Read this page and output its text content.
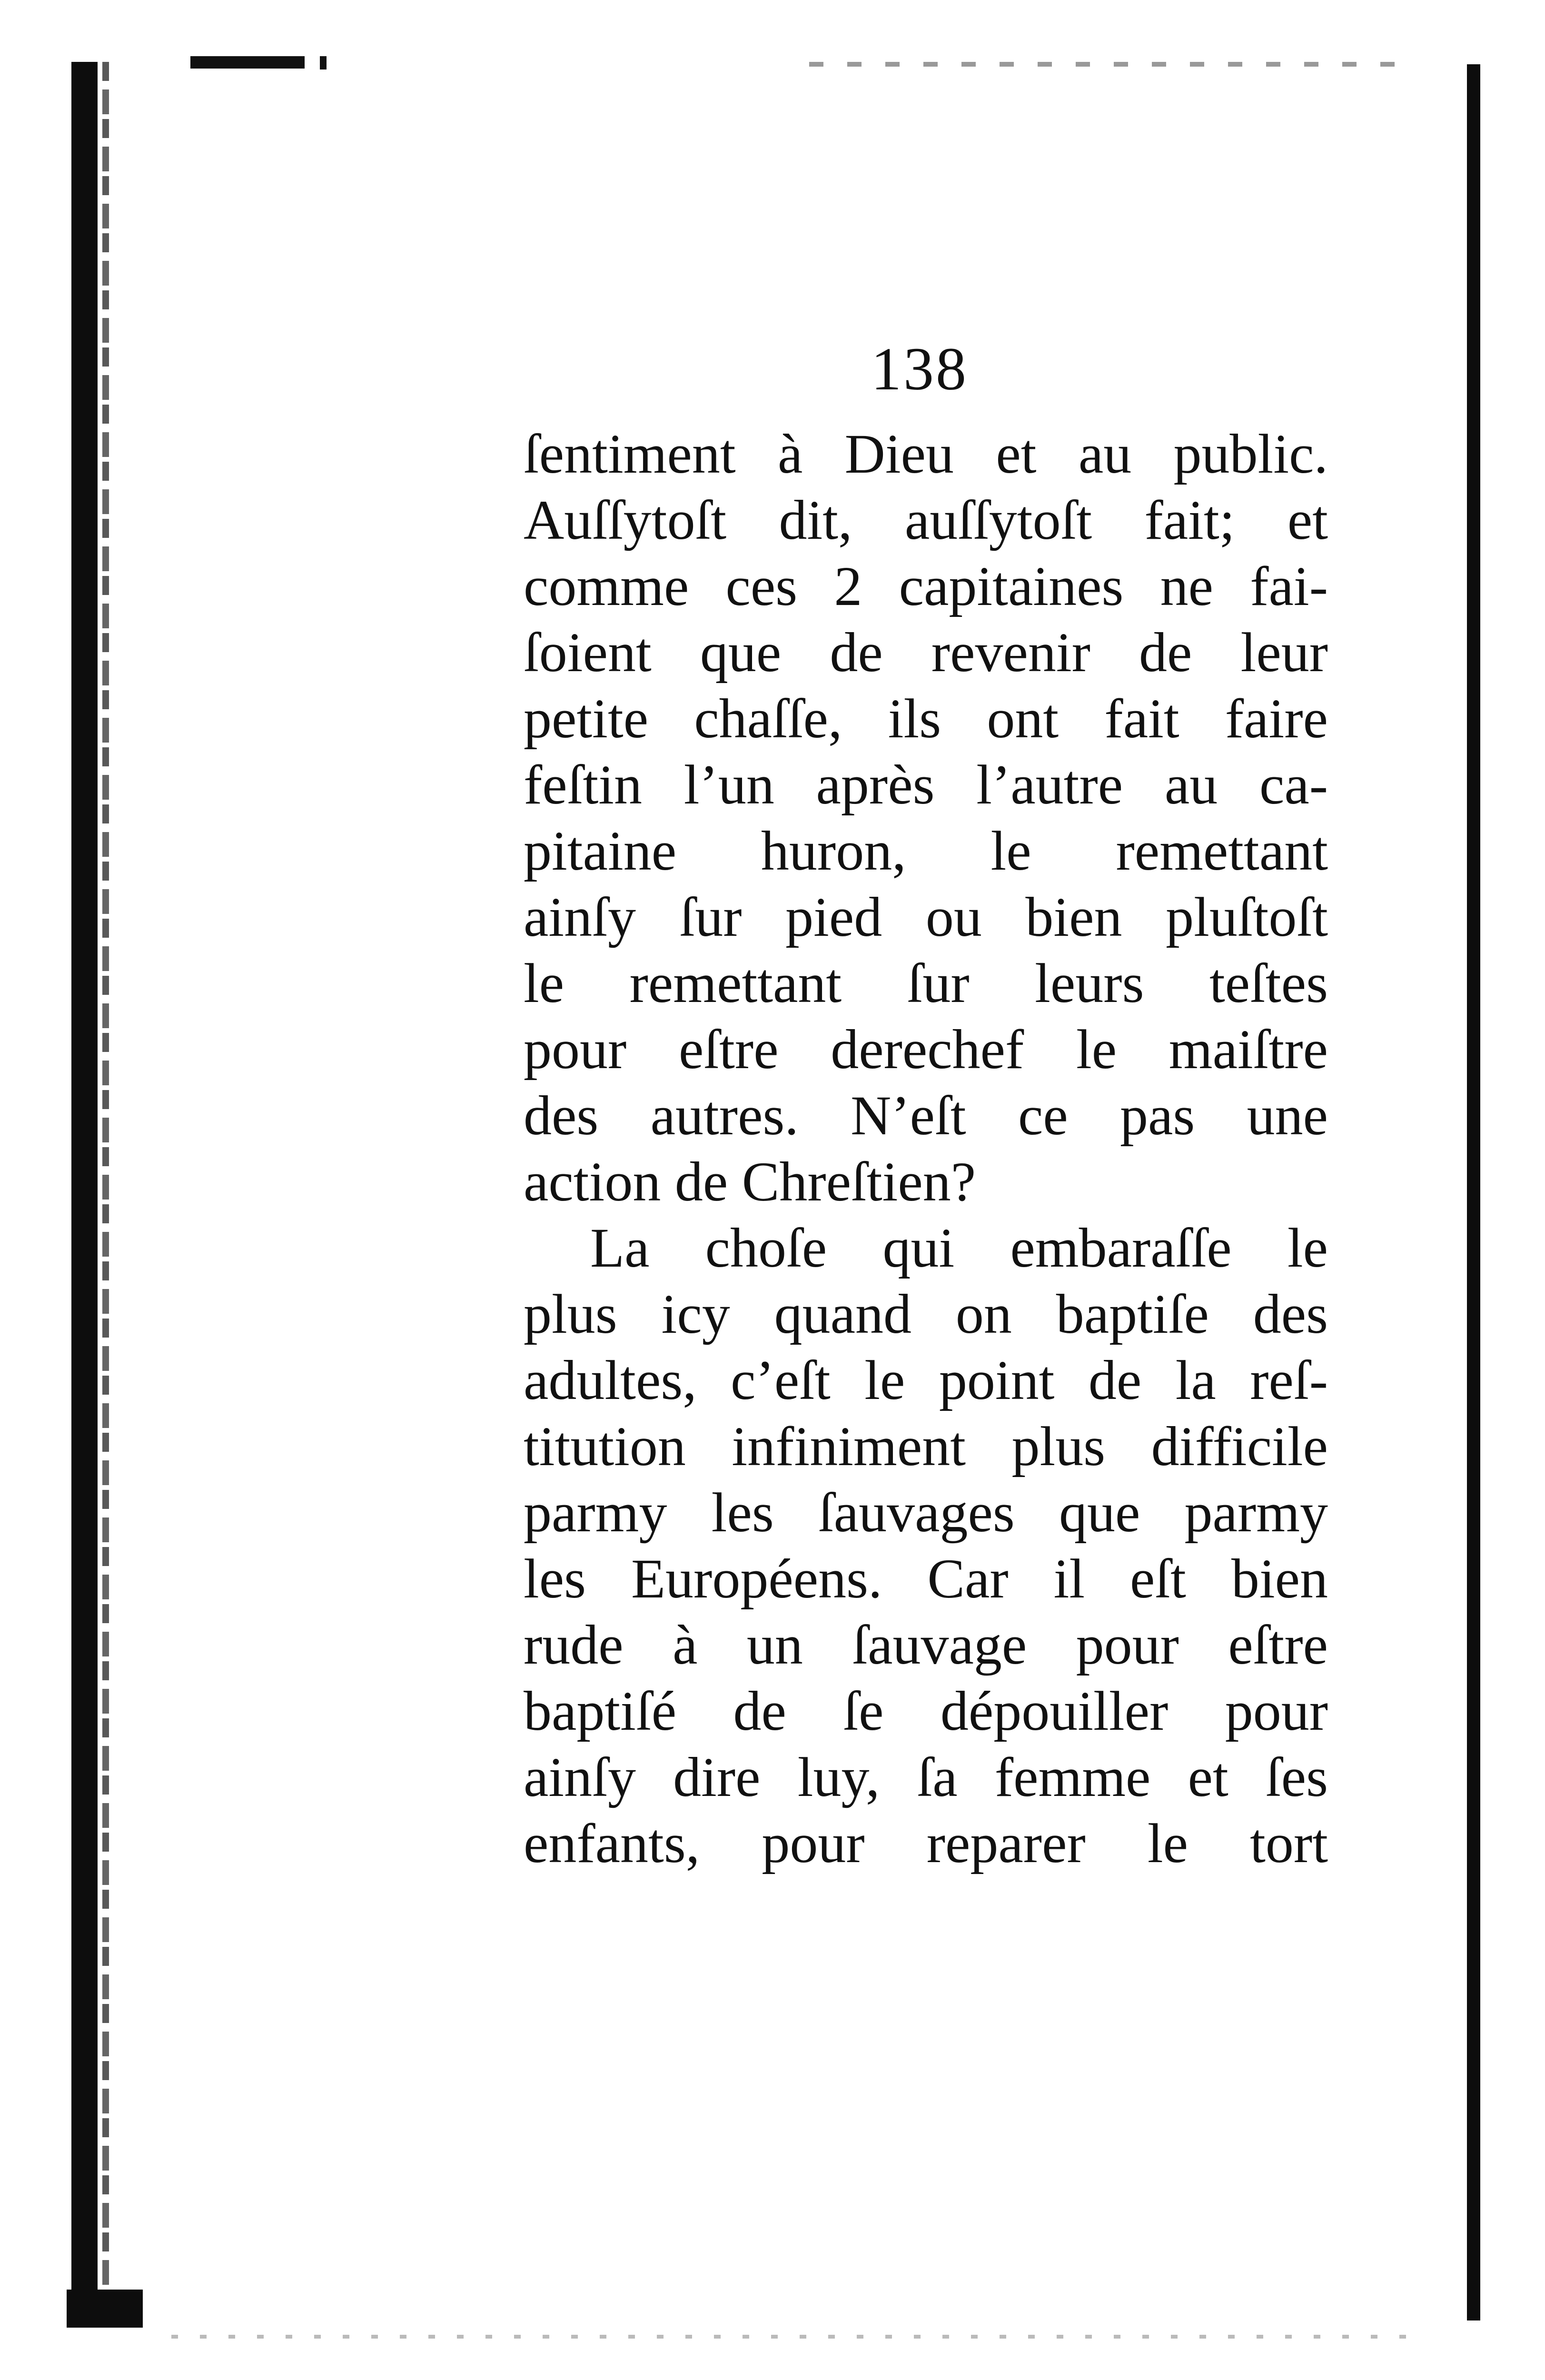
138
ſentiment à Dieu et au public.
Auſſytoſt dit, auſſytoſt fait; et
comme ces 2 capitaines ne fai-
ſoient que de revenir de leur
petite chaſſe, ils ont fait faire
feſtin l’un après l’autre au ca-
pitaine huron, le remettant
ainſy ſur pied ou bien pluſtoſt
le remettant ſur leurs teſtes
pour eſtre derechef le maiſtre
des autres. N’eſt ce pas une
action de Chreſtien?
La choſe qui embaraſſe le
plus icy quand on baptiſe des
adultes, c’eſt le point de la reſ-
titution infiniment plus difficile
parmy les ſauvages que parmy
les Européens. Car il eſt bien
rude à un ſauvage pour eſtre
baptiſé de ſe dépouiller pour
ainſy dire luy, ſa femme et ſes
enfants, pour reparer le tort
